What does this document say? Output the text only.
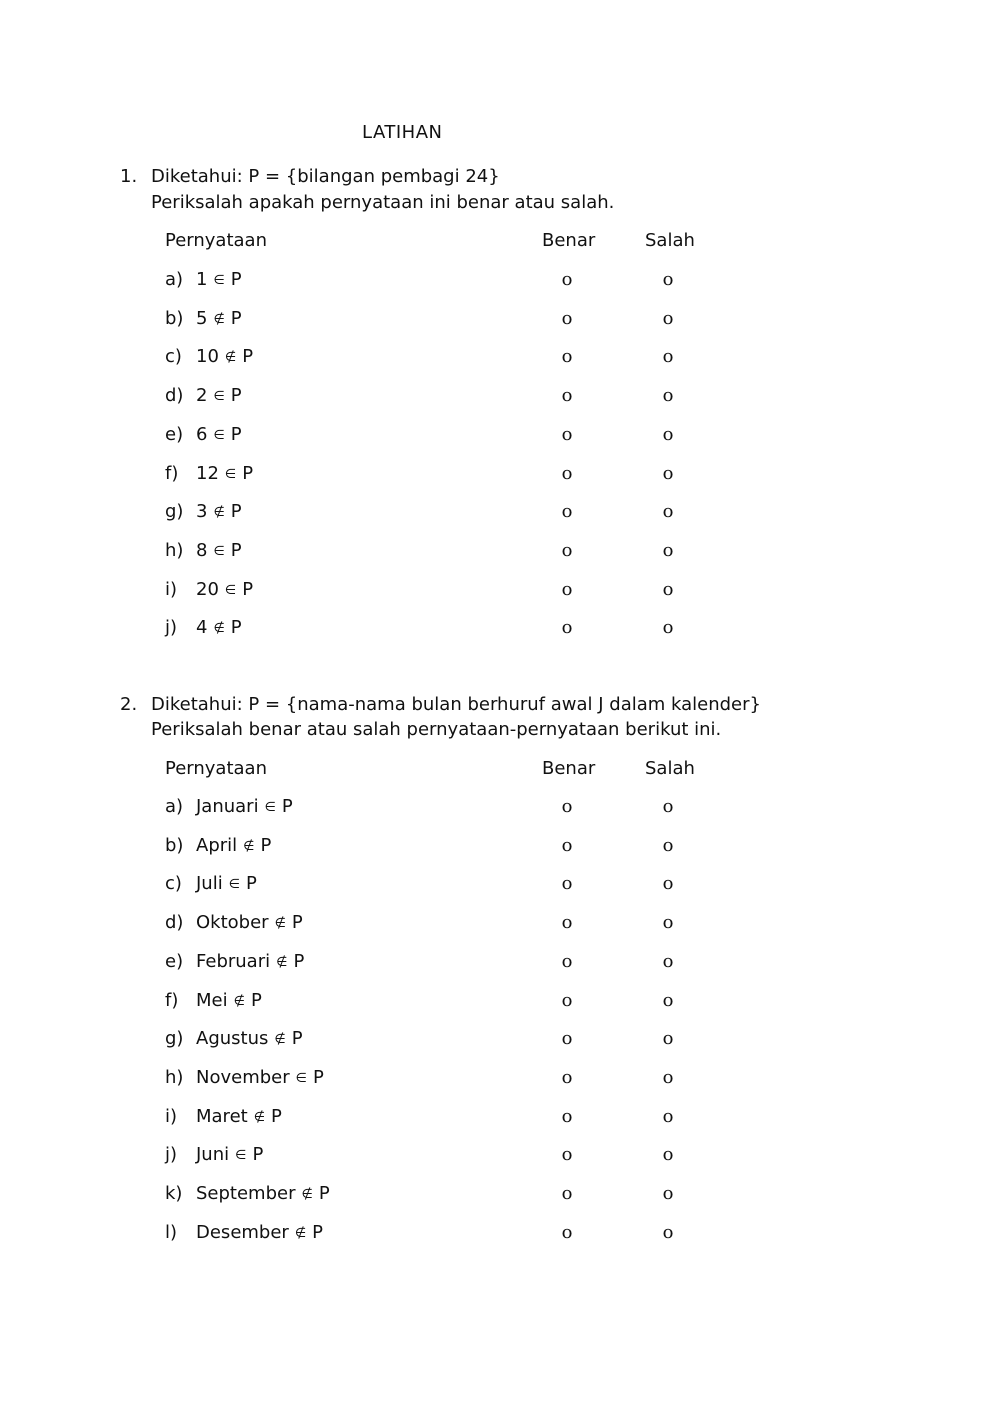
LATIHAN
1. Diketahui: P = {bilangan pembagi 24}
Periksalah apakah pernyataan ini benar atau salah.
Pernyataan	Benar	Salah
a) 1 ∈ P	o	o
b) 5 ∉ P	o	o
c) 10 ∉ P	o	o
d) 2 ∈ P	o	o
e) 6 ∈ P	o	o
f) 12 ∈ P	o	o
g) 3 ∉ P	o	o
h) 8 ∈ P	o	o
i) 20 ∈ P	o	o
j) 4 ∉ P	o	o
2. Diketahui: P = {nama-nama bulan berhuruf awal J dalam kalender}
Periksalah benar atau salah pernyataan-pernyataan berikut ini.
Pernyataan	Benar	Salah
a) Januari ∈ P	o	o
b) April ∉ P	o	o
c) Juli ∈ P	o	o
d) Oktober ∉ P	o	o
e) Februari ∉ P	o	o
f) Mei ∉ P	o	o
g) Agustus ∉ P	o	o
h) November ∈ P	o	o
i) Maret ∉ P	o	o
j) Juni ∈ P	o	o
k) September ∉ P	o	o
l) Desember ∉ P	o	o
